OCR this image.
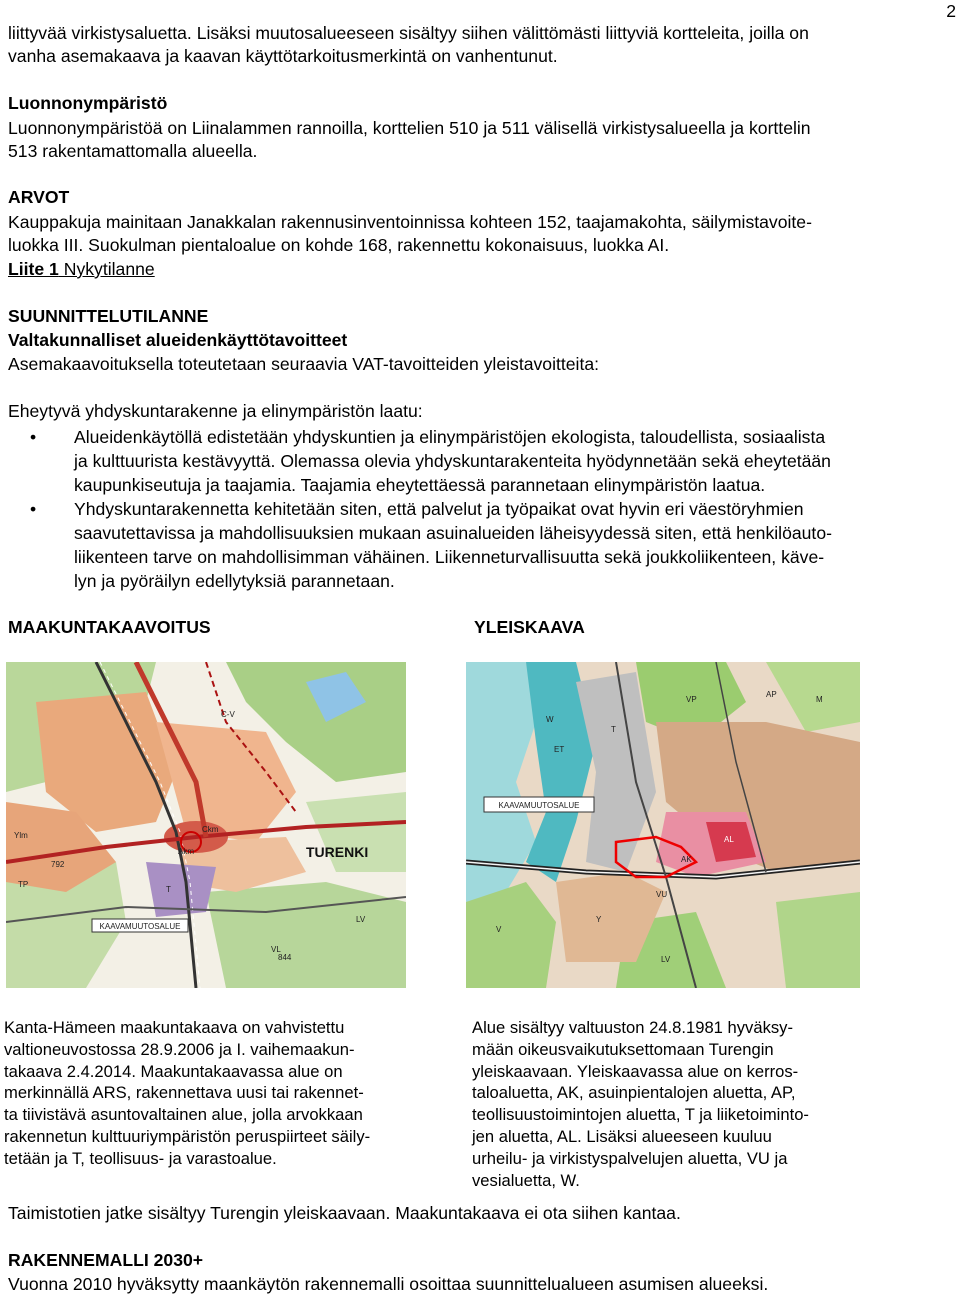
2
liittyvää virkistysaluetta. Lisäksi muutosalueeseen sisältyy siihen välittömästi liittyviä kortteleita, joilla on
vanha asemakaava ja kaavan käyttötarkoitusmerkintä on vanhentunut.
Luonnonympäristö
Luonnonympäristöä on Liinalammen rannoilla, korttelien 510 ja 511 välisellä virkistysalueella ja korttelin
513 rakentamattomalla alueella.
ARVOT
Kauppakuja mainitaan Janakkalan rakennusinventoinnissa kohteen 152, taajamakohta, säilymistavoite-
luokka III. Suokulman pientaloalue on kohde 168, rakennettu kokonaisuus, luokka AI.
Liite 1 Nykytilanne
SUUNNITTELUTILANNE
Valtakunnalliset alueidenkäyttötavoitteet
Asemakaavoituksella toteutetaan seuraavia VAT-tavoitteiden yleistavoitteita:
Eheytyvä yhdyskuntarakenne ja elinympäristön laatu:
• Alueidenkäytöllä edistetään yhdyskuntien ja elinympäristöjen ekologista, taloudellista, sosiaalista
ja kulttuurista kestävyyttä. Olemassa olevia yhdyskuntarakenteita hyödynnetään sekä eheytetään
kaupunkiseutuja ja taajamia. Taajamia eheytettäessä parannetaan elinympäristön laatua.
• Yhdyskuntarakennetta kehitetään siten, että palvelut ja työpaikat ovat hyvin eri väestöryhmien
saavutettavissa ja mahdollisuuksien mukaan asuinalueiden läheisyydessä siten, että henkilöauto-
liikenteen tarve on mahdollisimman vähäinen. Liikenneturvallisuutta sekä joukkoliikenteen, käve-
lyn ja pyöräilyn edellytyksiä parannetaan.
MAAKUNTAKAAVOITUS	YLEISKAAVA
KAAVAMUUTOSALUE
TURENKI
Ckm
Akm
792
844
C-V
TP
VL
Ylm
T
LV
KAAVAMUUTOSALUE
AP
AK
AL
ET
VU
VP
V
W
T
M
LV
Y
Kanta-Hämeen maakuntakaava on vahvistettu
valtioneuvostossa 28.9.2006 ja I. vaihemaakun-
takaava 2.4.2014. Maakuntakaavassa alue on
merkinnällä ARS, rakennettava uusi tai rakennet-
ta tiivistävä asuntovaltainen alue, jolla arvokkaan
rakennetun kulttuuriympäristön peruspiirteet säily-
tetään ja T, teollisuus- ja varastoalue.
Alue sisältyy valtuuston 24.8.1981 hyväksy-
mään oikeusvaikutuksettomaan Turengin
yleiskaavaan. Yleiskaavassa alue on kerros-
taloaluetta, AK, asuinpientalojen aluetta, AP,
teollisuustoimintojen aluetta, T ja liiketoiminto-
jen aluetta, AL. Lisäksi alueeseen kuuluu
urheilu- ja virkistyspalvelujen aluetta, VU ja
vesialuetta, W.
Taimistotien jatke sisältyy Turengin yleiskaavaan. Maakuntakaava ei ota siihen kantaa.
RAKENNEMALLI 2030+
Vuonna 2010 hyväksytty maankäytön rakennemalli osoittaa suunnittelualueen asumisen alueeksi.
